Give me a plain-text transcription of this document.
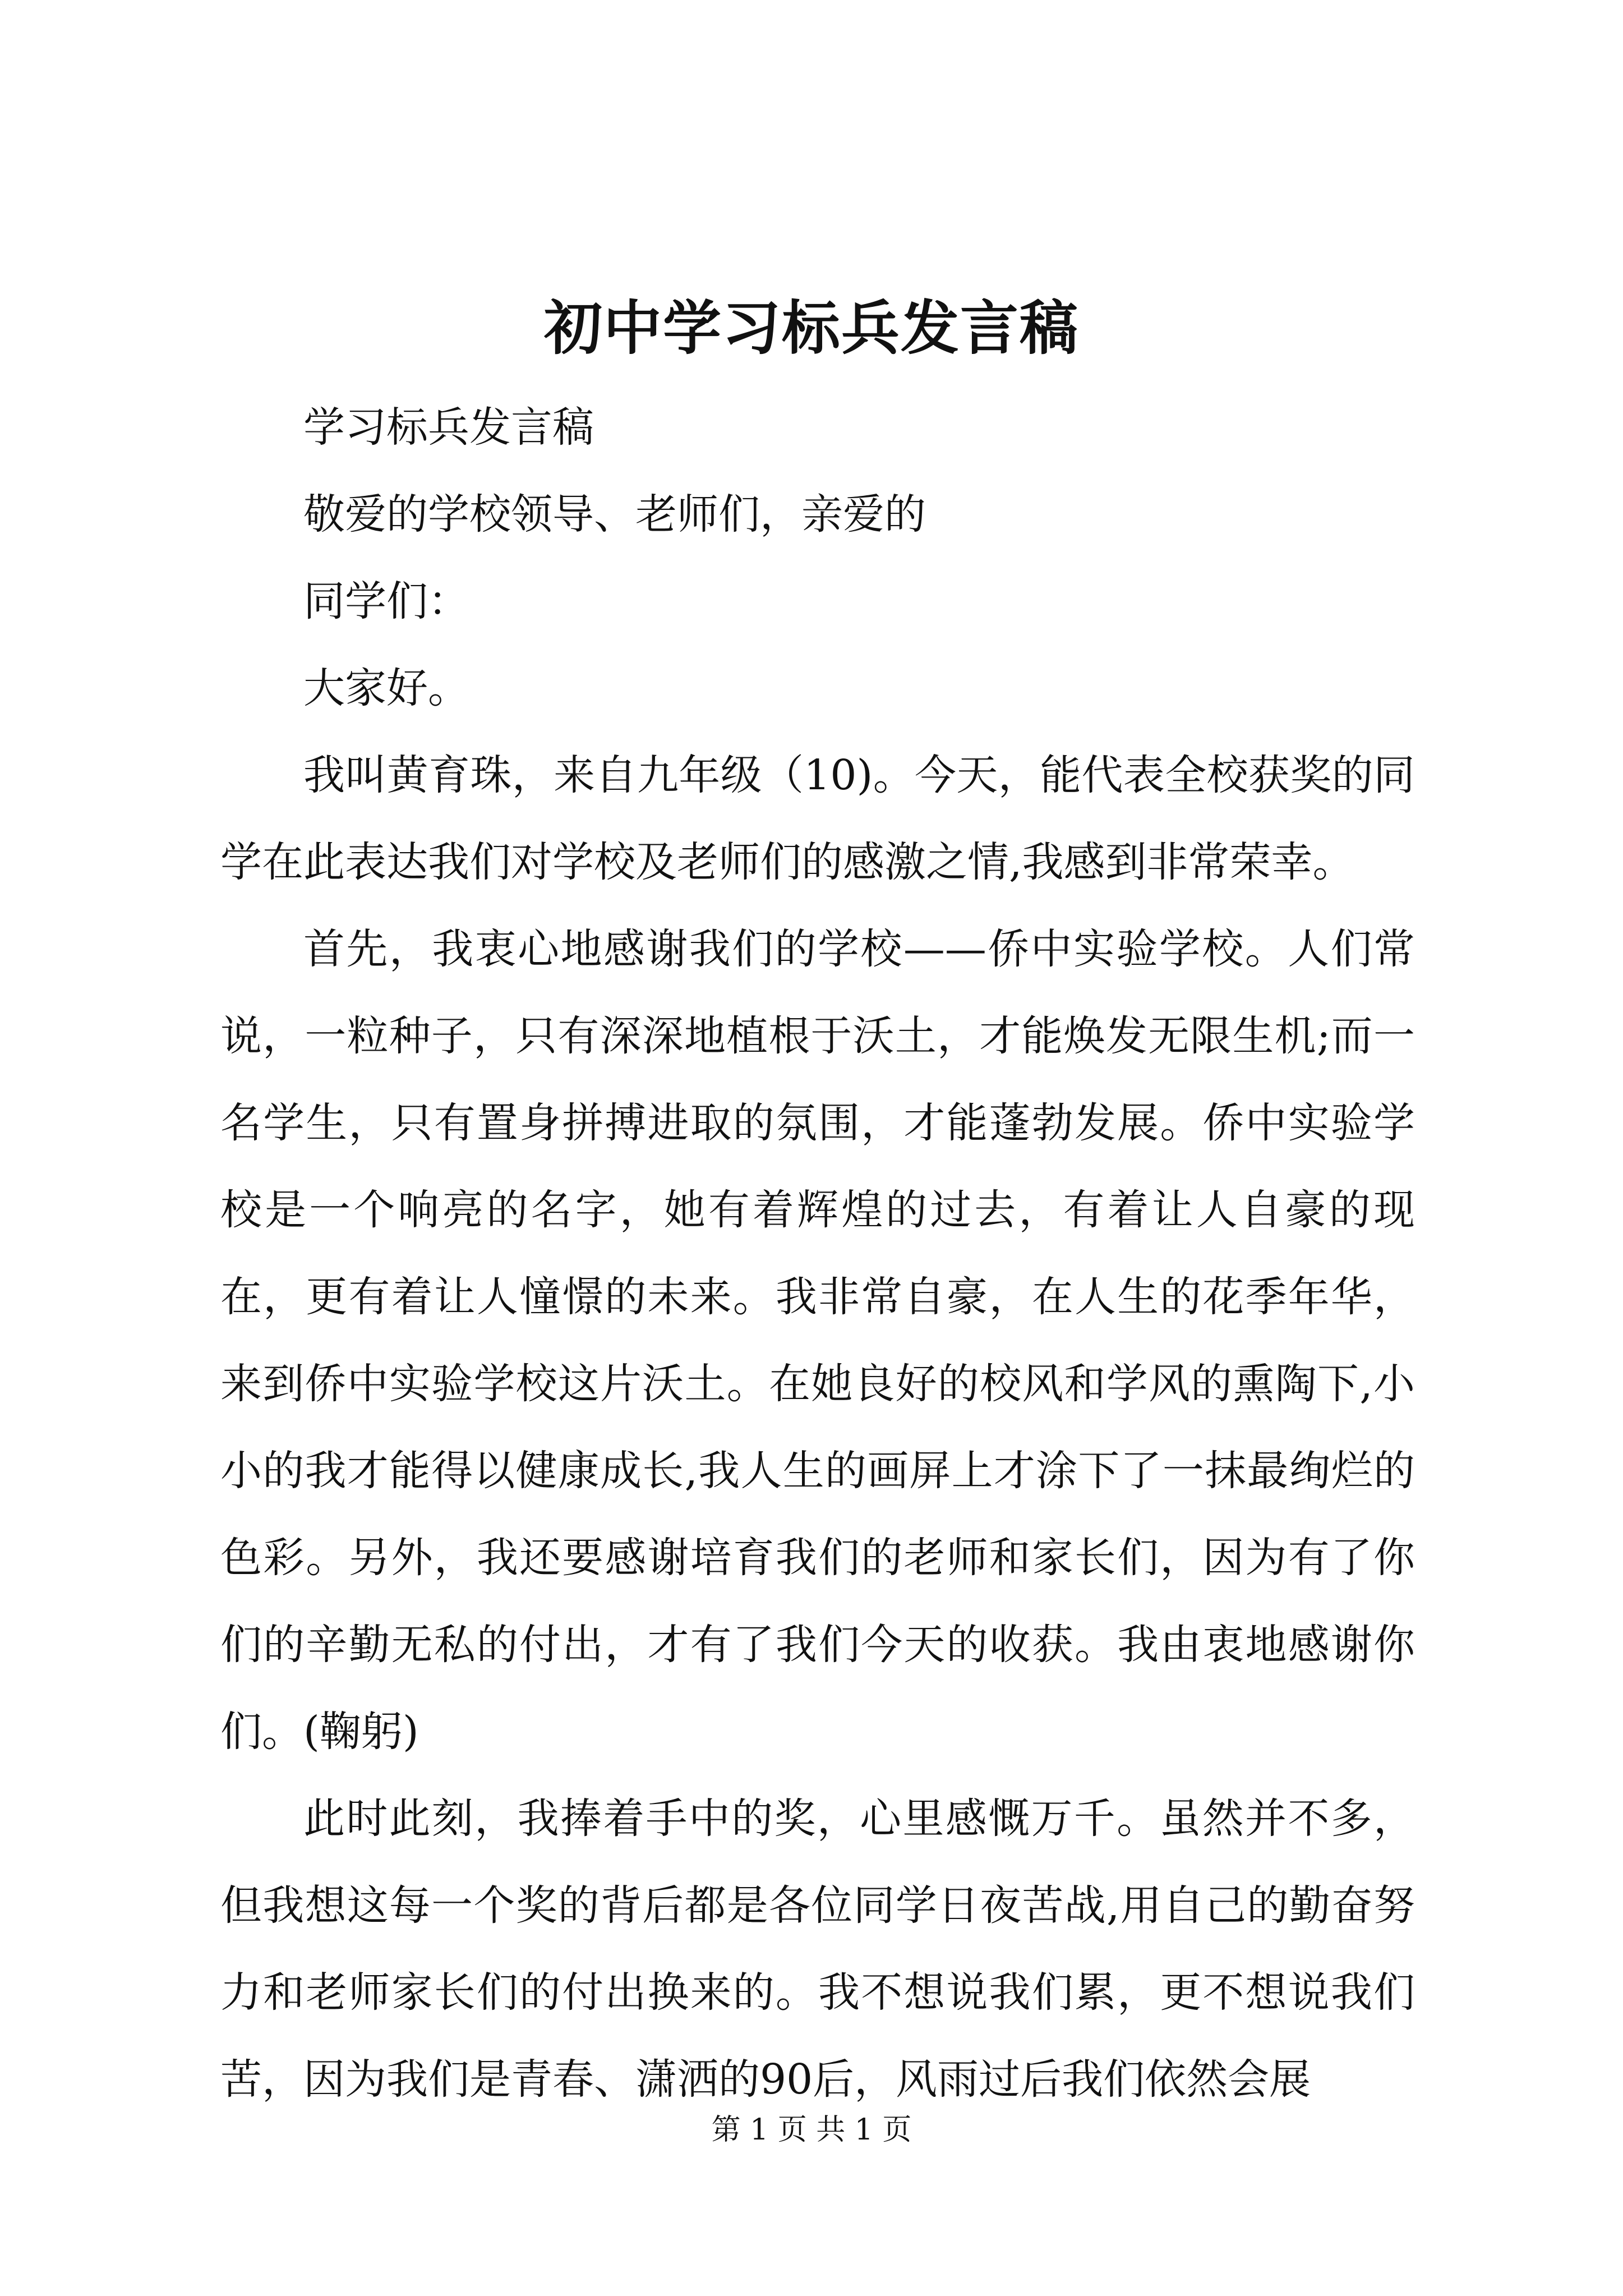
初中学习标兵发言稿

学习标兵发言稿

敬爱的学校领导、老师们，亲爱的

同学们：

大家好。

我叫黄育珠，来自九年级（10)。今天，能代表全校获奖的同学在此表达我们对学校及老师们的感激之情,我感到非常荣幸。

首先，我衷心地感谢我们的学校——侨中实验学校。人们常说，一粒种子，只有深深地植根于沃土，才能焕发无限生机;而一名学生，只有置身拼搏进取的氛围，才能蓬勃发展。侨中实验学校是一个响亮的名字，她有着辉煌的过去，有着让人自豪的现在，更有着让人憧憬的未来。我非常自豪，在人生的花季年华，来到侨中实验学校这片沃土。在她良好的校风和学风的熏陶下,小小的我才能得以健康成长,我人生的画屏上才涂下了一抹最绚烂的色彩。另外，我还要感谢培育我们的老师和家长们，因为有了你们的辛勤无私的付出，才有了我们今天的收获。我由衷地感谢你们。(鞠躬)

此时此刻，我捧着手中的奖，心里感慨万千。虽然并不多，但我想这每一个奖的背后都是各位同学日夜苦战,用自己的勤奋努力和老师家长们的付出换来的。我不想说我们累，更不想说我们苦，因为我们是青春、潇洒的90后，风雨过后我们依然会展

第 1 页 共 1 页
